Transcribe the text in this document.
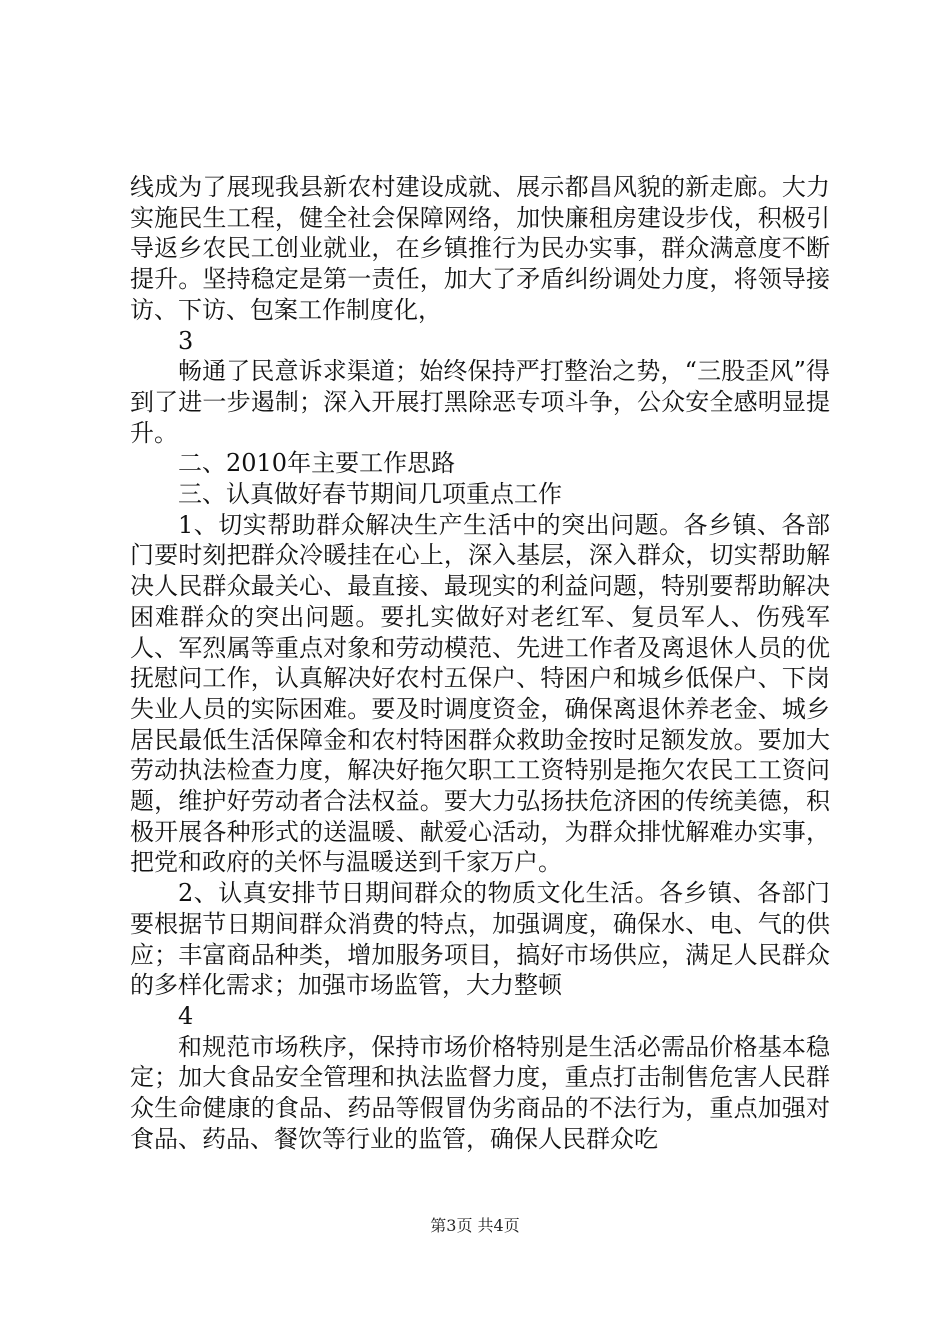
线成为了展现我县新农村建设成就、展示都昌风貌的新走廊。大力实施民生工程，健全社会保障网络，加快廉租房建设步伐，积极引导返乡农民工创业就业，在乡镇推行为民办实事，群众满意度不断提升。坚持稳定是第一责任，加大了矛盾纠纷调处力度，将领导接访、下访、包案工作制度化，

3

畅通了民意诉求渠道；始终保持严打整治之势，“三股歪风”得到了进一步遏制；深入开展打黑除恶专项斗争，公众安全感明显提升。

二、2010年主要工作思路

三、认真做好春节期间几项重点工作

1、切实帮助群众解决生产生活中的突出问题。各乡镇、各部门要时刻把群众冷暖挂在心上，深入基层，深入群众，切实帮助解决人民群众最关心、最直接、最现实的利益问题，特别要帮助解决困难群众的突出问题。要扎实做好对老红军、复员军人、伤残军人、军烈属等重点对象和劳动模范、先进工作者及离退休人员的优抚慰问工作，认真解决好农村五保户、特困户和城乡低保户、下岗失业人员的实际困难。要及时调度资金，确保离退休养老金、城乡居民最低生活保障金和农村特困群众救助金按时足额发放。要加大劳动执法检查力度，解决好拖欠职工工资特别是拖欠农民工工资问题，维护好劳动者合法权益。要大力弘扬扶危济困的传统美德，积极开展各种形式的送温暖、献爱心活动，为群众排忧解难办实事，把党和政府的关怀与温暖送到千家万户。

2、认真安排节日期间群众的物质文化生活。各乡镇、各部门要根据节日期间群众消费的特点，加强调度，确保水、电、气的供应；丰富商品种类，增加服务项目，搞好市场供应，满足人民群众的多样化需求；加强市场监管，大力整顿

4

和规范市场秩序，保持市场价格特别是生活必需品价格基本稳定；加大食品安全管理和执法监督力度，重点打击制售危害人民群众生命健康的食品、药品等假冒伪劣商品的不法行为，重点加强对食品、药品、餐饮等行业的监管，确保人民群众吃

第3页 共4页
